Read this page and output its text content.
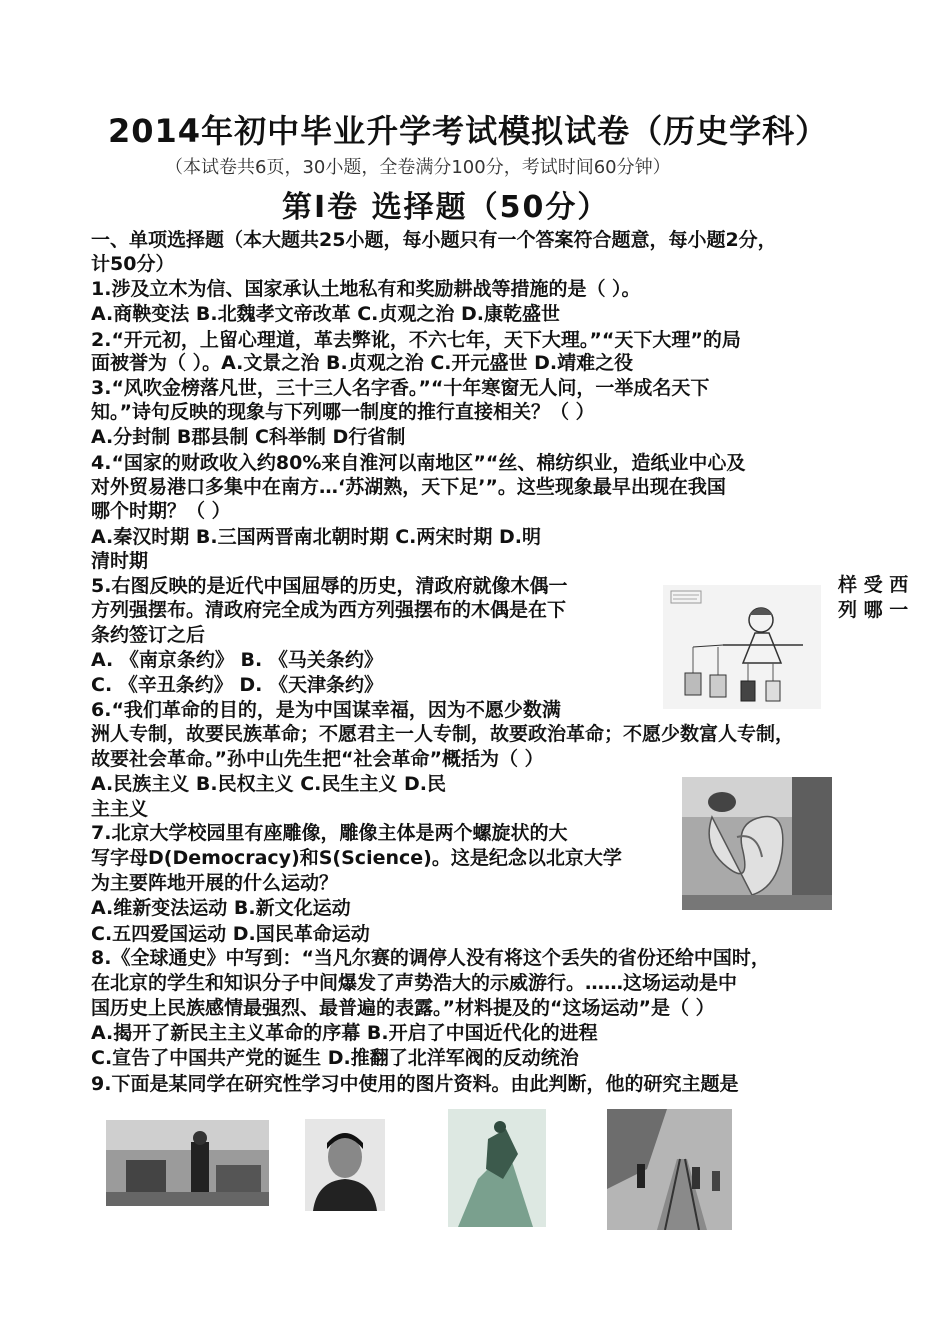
2014年初中毕业升学考试模拟试卷（历史学科）
（本试卷共6页，30小题，全卷满分100分，考试时间60分钟）
第Ⅰ卷 选择题（50分）
一、单项选择题（本大题共25小题，每小题只有一个答案符合题意，每小题2分，
计50分）
1.涉及立木为信、国家承认土地私有和奖励耕战等措施的是（ ）。
A.商鞅变法 B.北魏孝文帝改革 C.贞观之治 D.康乾盛世
2.“开元初，上留心理道，革去弊讹，不六七年，天下大理。”“天下大理”的局
面被誉为（ ）。A.文景之治 B.贞观之治 C.开元盛世 D.靖难之役
3.“风吹金榜落凡世，三十三人名字香。”“十年寒窗无人问，一举成名天下
知。”诗句反映的现象与下列哪一制度的推行直接相关？（ ）
A.分封制 B郡县制 C科举制 D行省制
4.“国家的财政收入约80%来自淮河以南地区”“丝、棉纺织业，造纸业中心及
对外贸易港口多集中在南方…‘苏湖熟，天下足’”。这些现象最早出现在我国
哪个时期？（ ）
A.秦汉时期 B.三国两晋南北朝时期 C.两宋时期 D.明
清时期
5.右图反映的是近代中国屈辱的历史，清政府就像木偶一
方列强摆布。清政府完全成为西方列强摆布的木偶是在下
条约签订之后
A. 《南京条约》 B. 《马关条约》
C. 《辛丑条约》 D. 《天津条约》
6.“我们革命的目的，是为中国谋幸福，因为不愿少数满
洲人专制，故要民族革命；不愿君主一人专制，故要政治革命；不愿少数富人专制，
故要社会革命。”孙中山先生把“社会革命”概括为（ ）
A.民族主义 B.民权主义 C.民生主义 D.民
主主义
7.北京大学校园里有座雕像，雕像主体是两个螺旋状的大
写字母D(Democracy)和S(Science)。这是纪念以北京大学
为主要阵地开展的什么运动？
A.维新变法运动 B.新文化运动
C.五四爱国运动 D.国民革命运动
8.《全球通史》中写到：“当凡尔赛的调停人没有将这个丢失的省份还给中国时，
在北京的学生和知识分子中间爆发了声势浩大的示威游行。……这场运动是中
国历史上民族感情最强烈、最普遍的表露。”材料提及的“这场运动”是（ ）
A.揭开了新民主主义革命的序幕 B.开启了中国近代化的进程
C.宣告了中国共产党的诞生 D.推翻了北洋军阀的反动统治
9.下面是某同学在研究性学习中使用的图片资料。由此判断，他的研究主题是
样 受 西
列 哪 一
